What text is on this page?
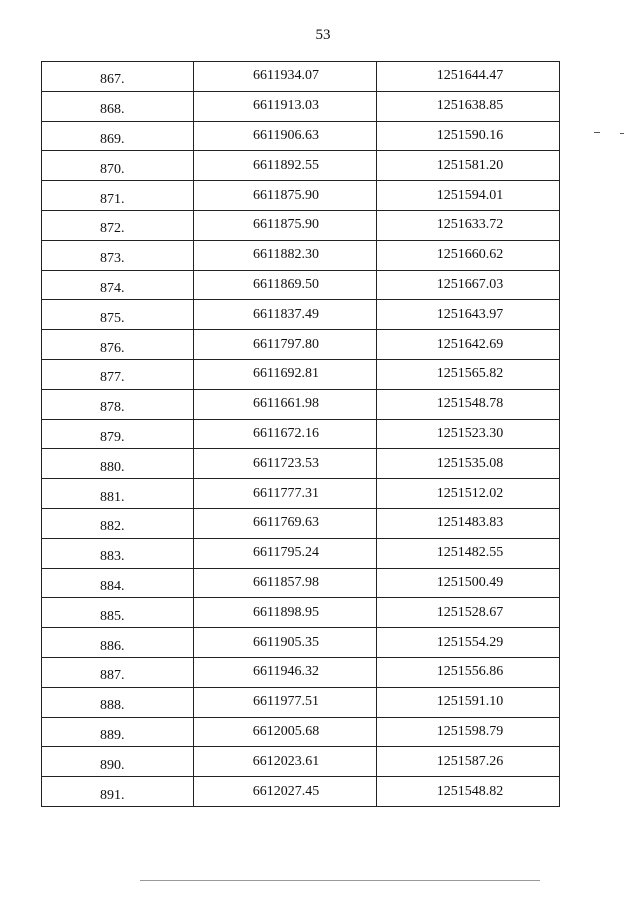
53
867.	6611934.07	1251644.47
868.	6611913.03	1251638.85
869.	6611906.63	1251590.16
870.	6611892.55	1251581.20
871.	6611875.90	1251594.01
872.	6611875.90	1251633.72
873.	6611882.30	1251660.62
874.	6611869.50	1251667.03
875.	6611837.49	1251643.97
876.	6611797.80	1251642.69
877.	6611692.81	1251565.82
878.	6611661.98	1251548.78
879.	6611672.16	1251523.30
880.	6611723.53	1251535.08
881.	6611777.31	1251512.02
882.	6611769.63	1251483.83
883.	6611795.24	1251482.55
884.	6611857.98	1251500.49
885.	6611898.95	1251528.67
886.	6611905.35	1251554.29
887.	6611946.32	1251556.86
888.	6611977.51	1251591.10
889.	6612005.68	1251598.79
890.	6612023.61	1251587.26
891.	6612027.45	1251548.82
